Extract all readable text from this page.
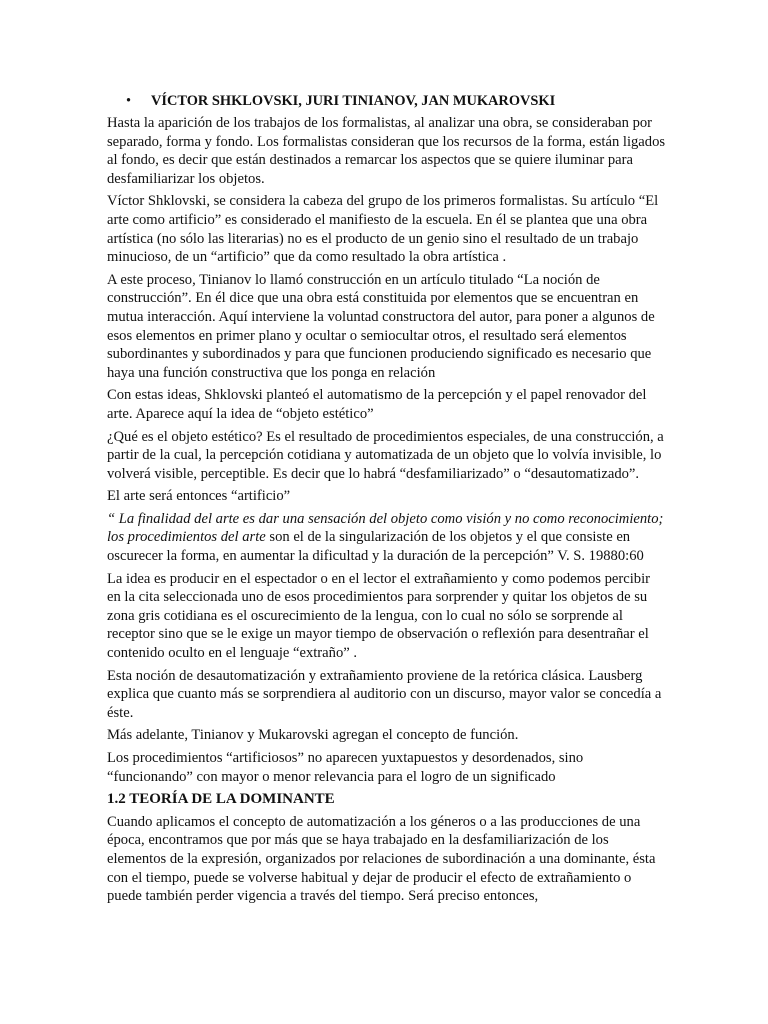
• VÍCTOR SHKLOVSKI, JURI TINIANOV, JAN MUKAROVSKI

Hasta la aparición de los trabajos de los formalistas, al analizar una obra, se consideraban por separado, forma y fondo. Los formalistas consideran que los recursos de la forma, están ligados al fondo, es decir que están destinados a remarcar los aspectos que se quiere iluminar para desfamiliarizar los objetos.

Víctor Shklovski, se considera la cabeza del grupo de los primeros formalistas. Su artículo “El arte como artificio” es considerado el manifiesto de la escuela. En él se plantea que una obra artística (no sólo las literarias) no es el producto de un genio sino el resultado de un trabajo minucioso, de un “artificio” que da como resultado la obra artística .

A este proceso, Tinianov lo llamó construcción en un artículo titulado “La noción de construcción”. En él dice que una obra está constituida por elementos que se encuentran en mutua interacción. Aquí interviene la voluntad constructora del autor, para poner a algunos de esos elementos en primer plano y ocultar o semiocultar otros, el resultado será elementos subordinantes y subordinados y para que funcionen produciendo significado es necesario que haya una función constructiva que los ponga en relación

Con estas ideas, Shklovski planteó el automatismo de la percepción y el papel renovador del arte. Aparece aquí la idea de “objeto estético”

¿Qué es el objeto estético? Es el resultado de procedimientos especiales, de una construcción, a partir de la cual, la percepción cotidiana y automatizada de un objeto que lo volvía invisible, lo volverá visible, perceptible. Es decir que lo habrá “desfamiliarizado” o “desautomatizado”.

El arte será entonces “artificio”

“ La finalidad del arte es dar una sensación del objeto como visión y no como reconocimiento; los procedimientos del arte son el de la singularización de los objetos y el que consiste en oscurecer la forma, en aumentar la dificultad y la duración de la percepción” V. S. 19880:60

La idea es producir en el espectador o en el lector el extrañamiento y como podemos percibir en la cita seleccionada uno de esos procedimientos para sorprender y quitar los objetos de su zona gris cotidiana es el oscurecimiento de la lengua, con lo cual no sólo se sorprende al receptor sino que se le exige un mayor tiempo de observación o reflexión para desentrañar el contenido oculto en el lenguaje “extraño” .

Esta noción de desautomatización y extrañamiento proviene de la retórica clásica. Lausberg explica que cuanto más se sorprendiera al auditorio con un discurso, mayor valor se concedía a éste.

Más adelante, Tinianov y Mukarovski agregan el concepto de función.

Los procedimientos “artificiosos” no aparecen yuxtapuestos y desordenados, sino “funcionando” con mayor o menor relevancia para el logro de un significado

1.2 TEORÍA DE LA DOMINANTE

Cuando aplicamos el concepto de automatización a los géneros o a las producciones de una época, encontramos que por más que se haya trabajado en la desfamiliarización de los elementos de la expresión, organizados por relaciones de subordinación a una dominante, ésta con el tiempo, puede se volverse habitual y dejar de producir el efecto de extrañamiento o puede también perder vigencia a través del tiempo. Será preciso entonces,
